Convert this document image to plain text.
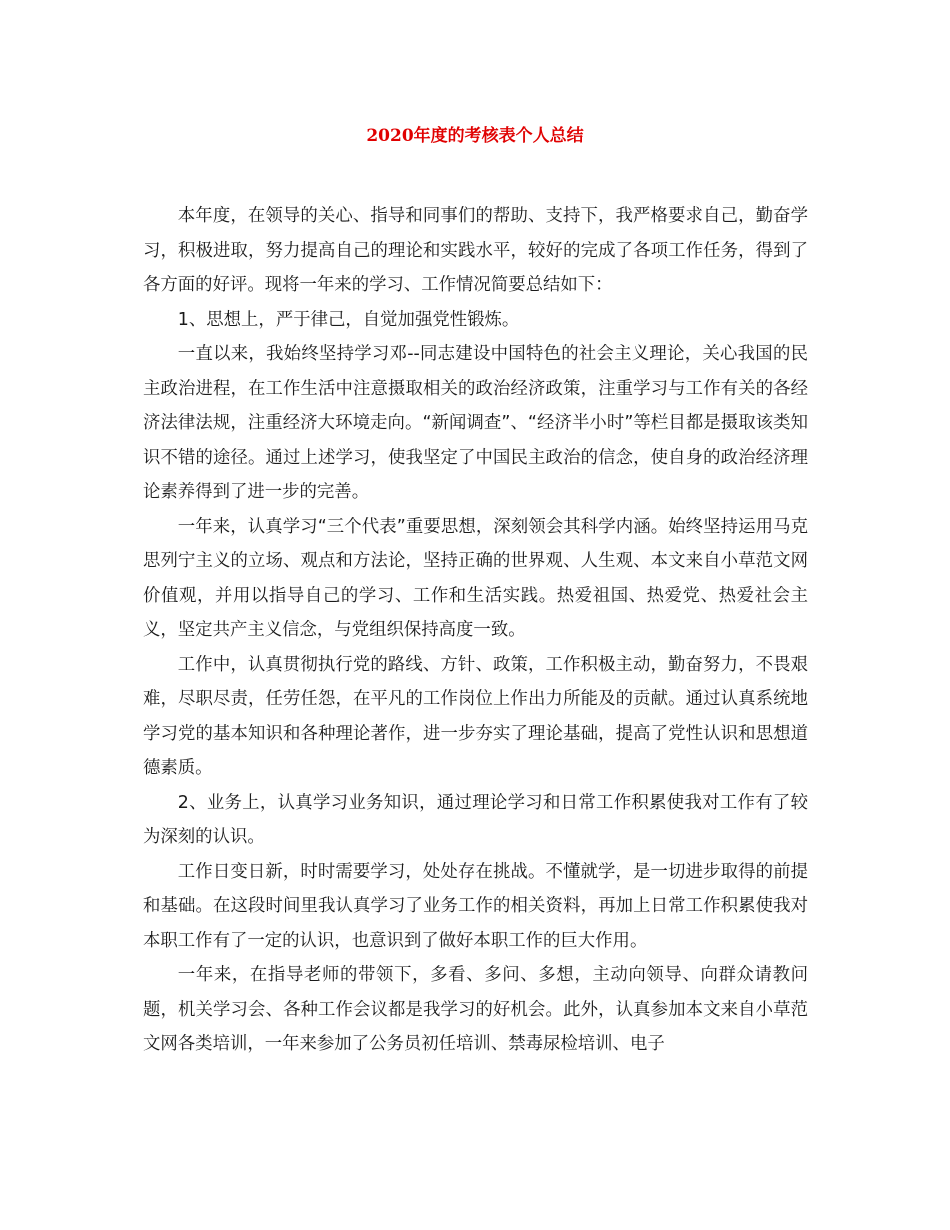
2020年度的考核表个人总结

本年度，在领导的关心、指导和同事们的帮助、支持下，我严格要求自己，勤奋学习，积极进取，努力提高自己的理论和实践水平，较好的完成了各项工作任务，得到了各方面的好评。现将一年来的学习、工作情况简要总结如下：

1、思想上，严于律己，自觉加强党性锻炼。

一直以来，我始终坚持学习邓--同志建设中国特色的社会主义理论，关心我国的民主政治进程，在工作生活中注意摄取相关的政治经济政策，注重学习与工作有关的各经济法律法规，注重经济大环境走向。“新闻调查”、“经济半小时”等栏目都是摄取该类知识不错的途径。通过上述学习，使我坚定了中国民主政治的信念，使自身的政治经济理论素养得到了进一步的完善。

一年来，认真学习“三个代表”重要思想，深刻领会其科学内涵。始终坚持运用马克思列宁主义的立场、观点和方法论，坚持正确的世界观、人生观、本文来自小草范文网价值观，并用以指导自己的学习、工作和生活实践。热爱祖国、热爱党、热爱社会主义，坚定共产主义信念，与党组织保持高度一致。

工作中，认真贯彻执行党的路线、方针、政策，工作积极主动，勤奋努力，不畏艰难，尽职尽责，任劳任怨，在平凡的工作岗位上作出力所能及的贡献。通过认真系统地学习党的基本知识和各种理论著作，进一步夯实了理论基础，提高了党性认识和思想道德素质。

2、业务上，认真学习业务知识，通过理论学习和日常工作积累使我对工作有了较为深刻的认识。

工作日变日新，时时需要学习，处处存在挑战。不懂就学，是一切进步取得的前提和基础。在这段时间里我认真学习了业务工作的相关资料，再加上日常工作积累使我对本职工作有了一定的认识，也意识到了做好本职工作的巨大作用。

一年来，在指导老师的带领下，多看、多问、多想，主动向领导、向群众请教问题，机关学习会、各种工作会议都是我学习的好机会。此外，认真参加本文来自小草范文网各类培训，一年来参加了公务员初任培训、禁毒尿检培训、电子
